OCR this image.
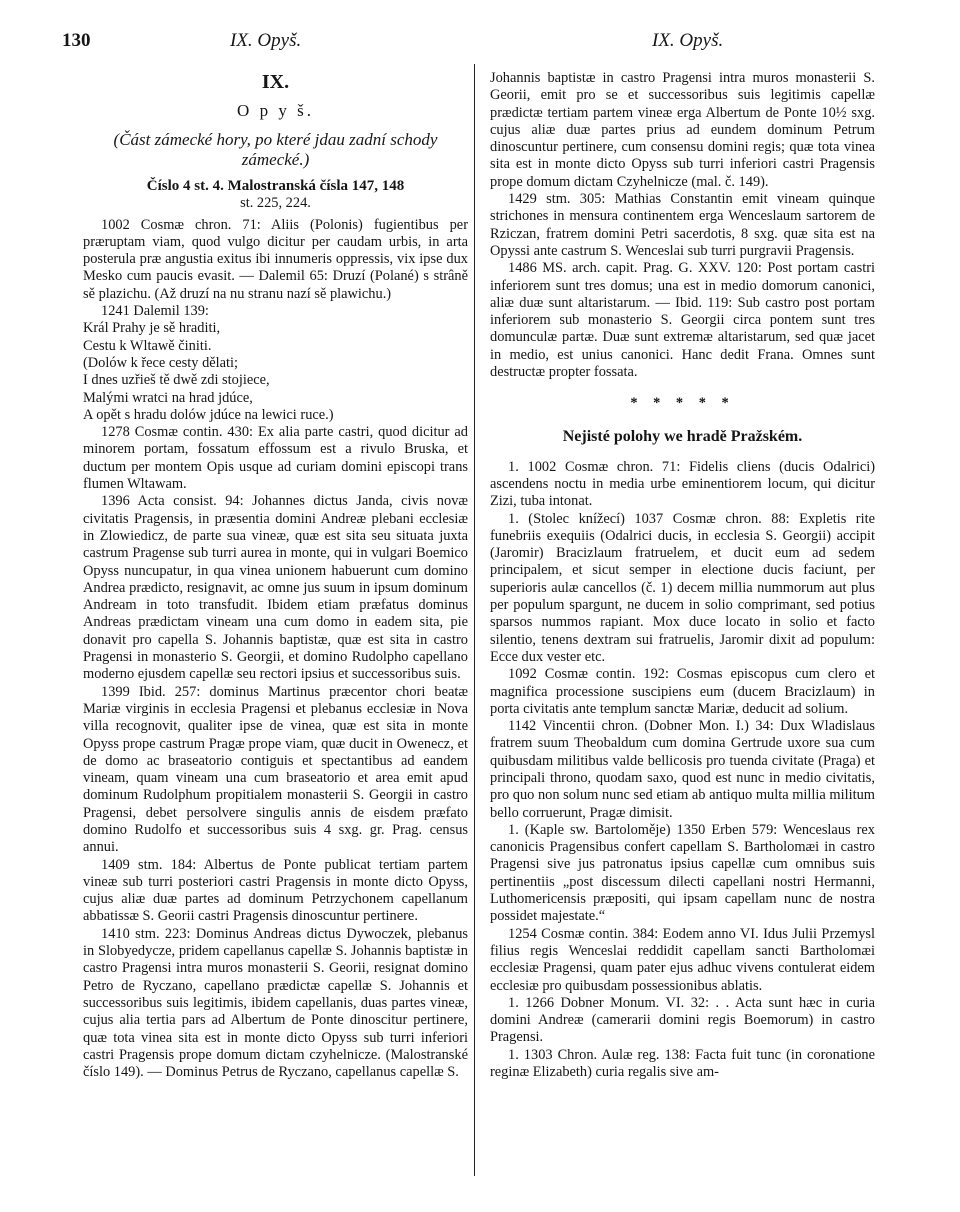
130	IX. Opyš.	IX. Opyš.
IX.
O p y š.
(Část zámecké hory, po které jdau zadní schody zámecké.)
Číslo 4 st. 4. Malostranská čísla 147, 148
st. 225, 224.

1002 Cosmæ chron. 71: Aliis (Polonis) fugientibus per præruptam viam, quod vulgo dicitur per caudam urbis, in arta posterula præ angustia exitus ibi innumeris oppressis, vix ipse dux Mesko cum paucis evasit. — Dalemil 65: Druzí (Polané) s strâně sě plazichu. (Až druzí na nu stranu nazí sě plawichu.)

1241 Dalemil 139:

Král Prahy je sě hraditi,
Cestu k Wltawě činiti.
(Dolów k řece cesty dělati;
I dnes uzřieš tě dwě zdi stojiece,
Malými wratci na hrad jdúce,
A opět s hradu dolów jdúce na lewici ruce.)

1278 Cosmæ contin. 430: Ex alia parte castri, quod dicitur ad minorem portam, fossatum effossum est a rivulo Bruska, et ductum per montem Opis usque ad curiam domini episcopi trans flumen Wltawam.

1396 Acta consist. 94: Johannes dictus Janda, civis novæ civitatis Pragensis, in præsentia domini Andreæ plebani ecclesiæ in Zlowiedicz, de parte sua vineæ, quæ est sita seu situata juxta castrum Pragense sub turri aurea in monte, qui in vulgari Boemico Opyss nuncupatur, in qua vinea unionem habuerunt cum domino Andrea prædicto, resignavit, ac omne jus suum in ipsum dominum Andream in toto transfudit. Ibidem etiam præfatus dominus Andreas prædictam vineam una cum domo in eadem sita, pie donavit pro capella S. Johannis baptistæ, quæ est sita in castro Pragensi in monasterio S. Georgii, et domino Rudolpho capellano moderno ejusdem capellæ seu rectori ipsius et successoribus suis.

1399 Ibid. 257: dominus Martinus præcentor chori beatæ Mariæ virginis in ecclesia Pragensi et plebanus ecclesiæ in Nova villa recognovit, qualiter ipse de vinea, quæ est sita in monte Opyss prope castrum Pragæ prope viam, quæ ducit in Owenecz, et de domo ac braseatorio contiguis et spectantibus ad eandem vineam, quam vineam una cum braseatorio et area emit apud dominum Rudolphum propitialem monasterii S. Georgii in castro Pragensi, debet persolvere singulis annis de eisdem præfato domino Rudolfo et successoribus suis 4 sxg. gr. Prag. census annui.

1409 stm. 184: Albertus de Ponte publicat tertiam partem vineæ sub turri posteriori castri Pragensis in monte dicto Opyss, cujus aliæ duæ partes ad dominum Petrzychonem capellanum abbatissæ S. Georii castri Pragensis dinoscuntur pertinere.

1410 stm. 223: Dominus Andreas dictus Dywoczek, plebanus in Slobyedycze, pridem capellanus capellæ S. Johannis baptistæ in castro Pragensi intra muros monasterii S. Georii, resignat domino Petro de Ryczano, capellano prædictæ capellæ S. Johannis et successoribus suis legitimis, ibidem capellanis, duas partes vineæ, cujus alia tertia pars ad Albertum de Ponte dinoscitur pertinere, quæ tota vinea sita est in monte dicto Opyss sub turri inferiori castri Pragensis prope domum dictam czyhelnicze. (Malostranské číslo 149). — Dominus Petrus de Ryczano, capellanus capellæ S.

Johannis baptistæ in castro Pragensi intra muros monasterii S. Georii, emit pro se et successoribus suis legitimis capellæ prædictæ tertiam partem vineæ erga Albertum de Ponte 10½ sxg. cujus aliæ duæ partes prius ad eundem dominum Petrum dinoscuntur pertinere, cum consensu domini regis; quæ tota vinea sita est in monte dicto Opyss sub turri inferiori castri Pragensis prope domum dictam Czyhelnicze (mal. č. 149).

1429 stm. 305: Mathias Constantin emit vineam quinque strichones in mensura continentem erga Wenceslaum sartorem de Rziczan, fratrem domini Petri sacerdotis, 8 sxg. quæ sita est na Opyssi ante castrum S. Wenceslai sub turri purgravii Pragensis.

1486 MS. arch. capit. Prag. G. XXV. 120: Post portam castri inferiorem sunt tres domus; una est in medio domorum canonici, aliæ duæ sunt altaristarum. — Ibid. 119: Sub castro post portam inferiorem sub monasterio S. Georgii circa pontem sunt tres domunculæ partæ. Duæ sunt extremæ altaristarum, sed quæ jacet in medio, est unius canonici. Hanc dedit Frana. Omnes sunt destructæ propter fossata.

* * * * *
Nejisté polohy we hradě Pražském.

1. 1002 Cosmæ chron. 71: Fidelis cliens (ducis Odalrici) ascendens noctu in media urbe eminentiorem locum, qui dicitur Zizi, tuba intonat.

1. (Stolec knížecí) 1037 Cosmæ chron. 88: Expletis rite funebriis exequiis (Odalrici ducis, in ecclesia S. Georgii) accipit (Jaromir) Bracizlaum fratruelem, et ducit eum ad sedem principalem, et sicut semper in electione ducis faciunt, per superioris aulæ cancellos (č. 1) decem millia nummorum aut plus per populum spargunt, ne ducem in solio comprimant, sed potius sparsos nummos rapiant. Mox duce locato in solio et facto silentio, tenens dextram sui fratruelis, Jaromir dixit ad populum: Ecce dux vester etc.

1092 Cosmæ contin. 192: Cosmas episcopus cum clero et magnifica processione suscipiens eum (ducem Bracizlaum) in porta civitatis ante templum sanctæ Mariæ, deducit ad solium.

1142 Vincentii chron. (Dobner Mon. I.) 34: Dux Wladislaus fratrem suum Theobaldum cum domina Gertrude uxore sua cum quibusdam militibus valde bellicosis pro tuenda civitate (Praga) et principali throno, quodam saxo, quod est nunc in medio civitatis, pro quo non solum nunc sed etiam ab antiquo multa millia militum bello corruerunt, Pragæ dimisit.

1. (Kaple sw. Bartoloměje) 1350 Erben 579: Wenceslaus rex canonicis Pragensibus confert capellam S. Bartholomæi in castro Pragensi sive jus patronatus ipsius capellæ cum omnibus suis pertinentiis „post discessum dilecti capellani nostri Hermanni, Luthomericensis præpositi, qui ipsam capellam nunc de nostra possidet majestate.“

1254 Cosmæ contin. 384: Eodem anno VI. Idus Julii Przemysl filius regis Wenceslai reddidit capellam sancti Bartholomæi ecclesiæ Pragensi, quam pater ejus adhuc vivens contulerat eidem ecclesiæ pro quibusdam possessionibus ablatis.

1. 1266 Dobner Monum. VI. 32: . . Acta sunt hæc in curia domini Andreæ (camerarii domini regis Boemorum) in castro Pragensi.

1. 1303 Chron. Aulæ reg. 138: Facta fuit tunc (in coronatione reginæ Elizabeth) curia regalis sive am-
